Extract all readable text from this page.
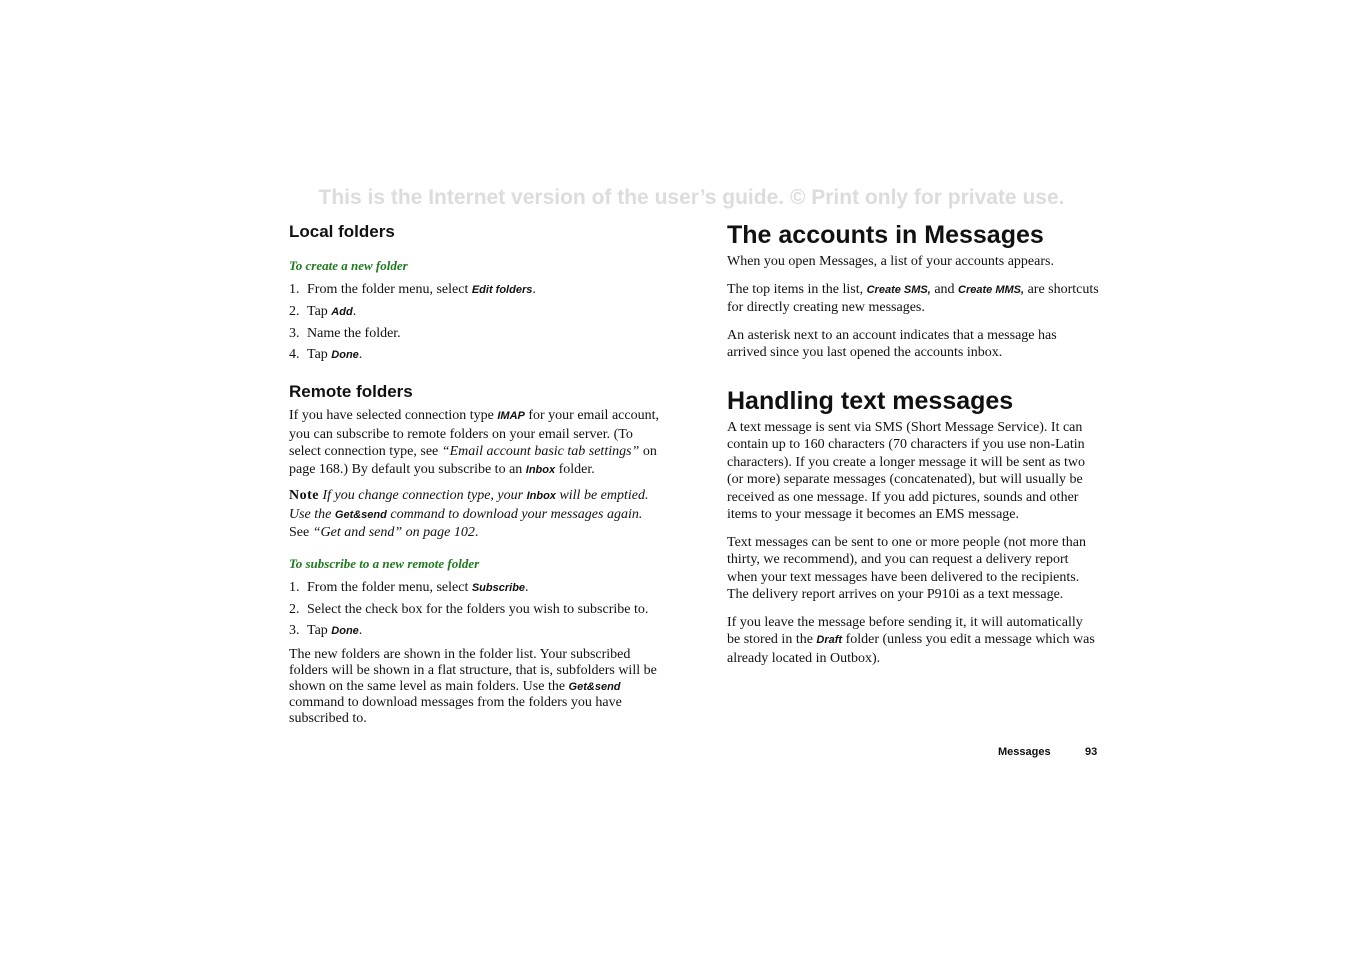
This is the Internet version of the user’s guide. © Print only for private use.
Local folders

To create a new folder

1. From the folder menu, select Edit folders.
2. Tap Add.
3. Name the folder.
4. Tap Done.
Remote folders

If you have selected connection type IMAP for your email account, you can subscribe to remote folders on your email server. (To select connection type, see “Email account basic tab settings” on page 168.) By default you subscribe to an Inbox folder.

Note If you change connection type, your Inbox will be emptied. Use the Get&send command to download your messages again. See “Get and send” on page 102.

To subscribe to a new remote folder

1. From the folder menu, select Subscribe.
2. Select the check box for the folders you wish to subscribe to.
3. Tap Done.

The new folders are shown in the folder list. Your subscribed folders will be shown in a flat structure, that is, subfolders will be shown on the same level as main folders. Use the Get&send command to download messages from the folders you have subscribed to.

The accounts in Messages

When you open Messages, a list of your accounts appears.

The top items in the list, Create SMS, and Create MMS, are shortcuts for directly creating new messages.

An asterisk next to an account indicates that a message has arrived since you last opened the accounts inbox.

Handling text messages

A text message is sent via SMS (Short Message Service). It can contain up to 160 characters (70 characters if you use non-Latin characters). If you create a longer message it will be sent as two (or more) separate messages (concatenated), but will usually be received as one message. If you add pictures, sounds and other items to your message it becomes an EMS message.

Text messages can be sent to one or more people (not more than thirty, we recommend), and you can request a delivery report when your text messages have been delivered to the recipients. The delivery report arrives on your P910i as a text message.

If you leave the message before sending it, it will automatically be stored in the Draft folder (unless you edit a message which was already located in Outbox).

Messages	93
